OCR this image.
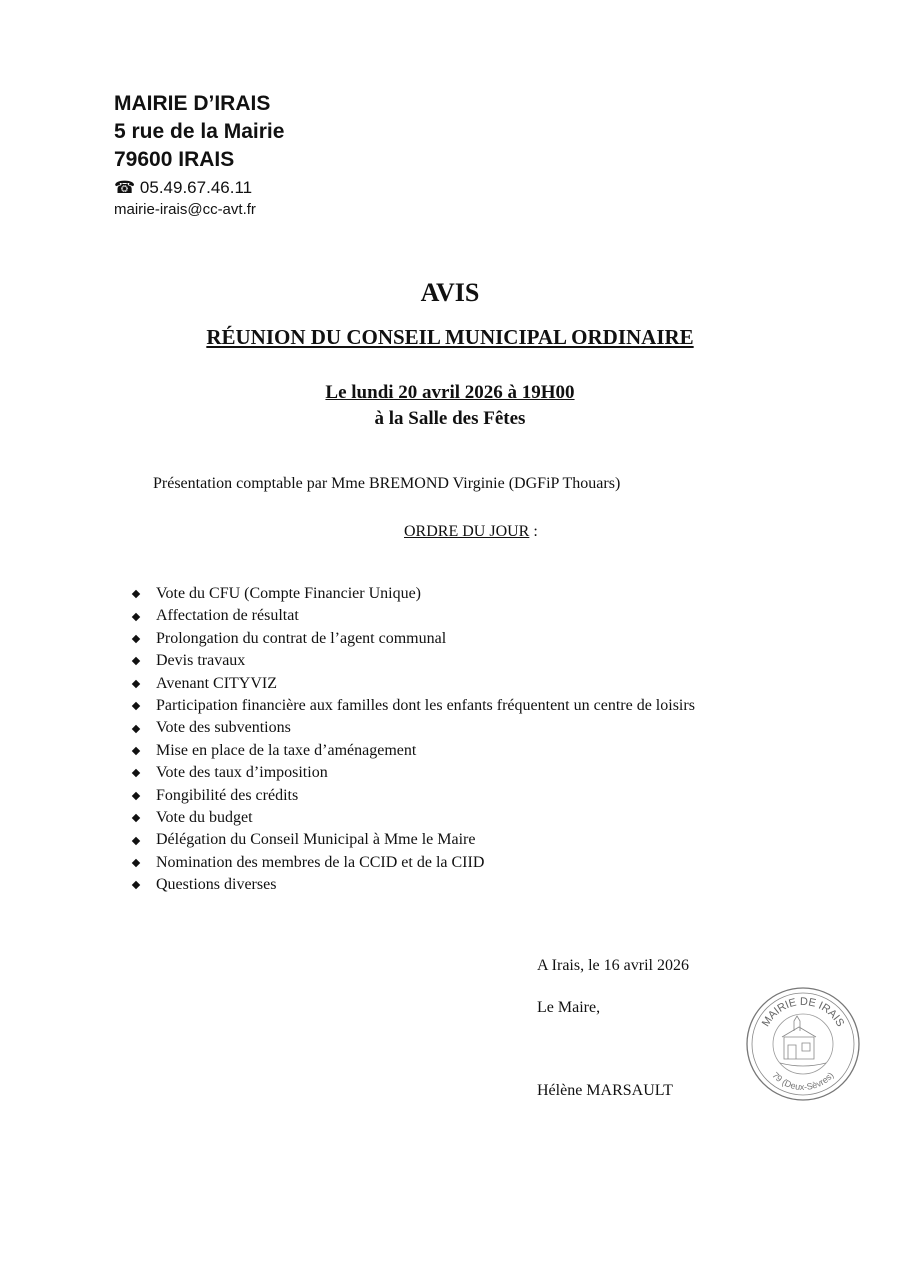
MAIRIE D’IRAIS
5 rue de la Mairie
79600 IRAIS
☎ 05.49.67.46.11
mairie-irais@cc-avt.fr
AVIS
RÉUNION DU CONSEIL MUNICIPAL ORDINAIRE
Le lundi 20 avril 2026 à 19H00
à la Salle des Fêtes
Présentation comptable par Mme BREMOND Virginie (DGFiP Thouars)
ORDRE DU JOUR :
Vote du CFU (Compte Financier Unique)
Affectation de résultat
Prolongation du contrat de l’agent communal
Devis travaux
Avenant CITYVIZ
Participation financière aux familles dont les enfants fréquentent un centre de loisirs
Vote des subventions
Mise en place de la taxe d’aménagement
Vote des taux d’imposition
Fongibilité des crédits
Vote du budget
Délégation du Conseil Municipal à Mme le Maire
Nomination des membres de la CCID et de la CIID
Questions diverses
A Irais, le 16 avril 2026
Le Maire,
Hélène MARSAULT
MAIRIE DE IRAIS
79 (Deux-Sèvres)
